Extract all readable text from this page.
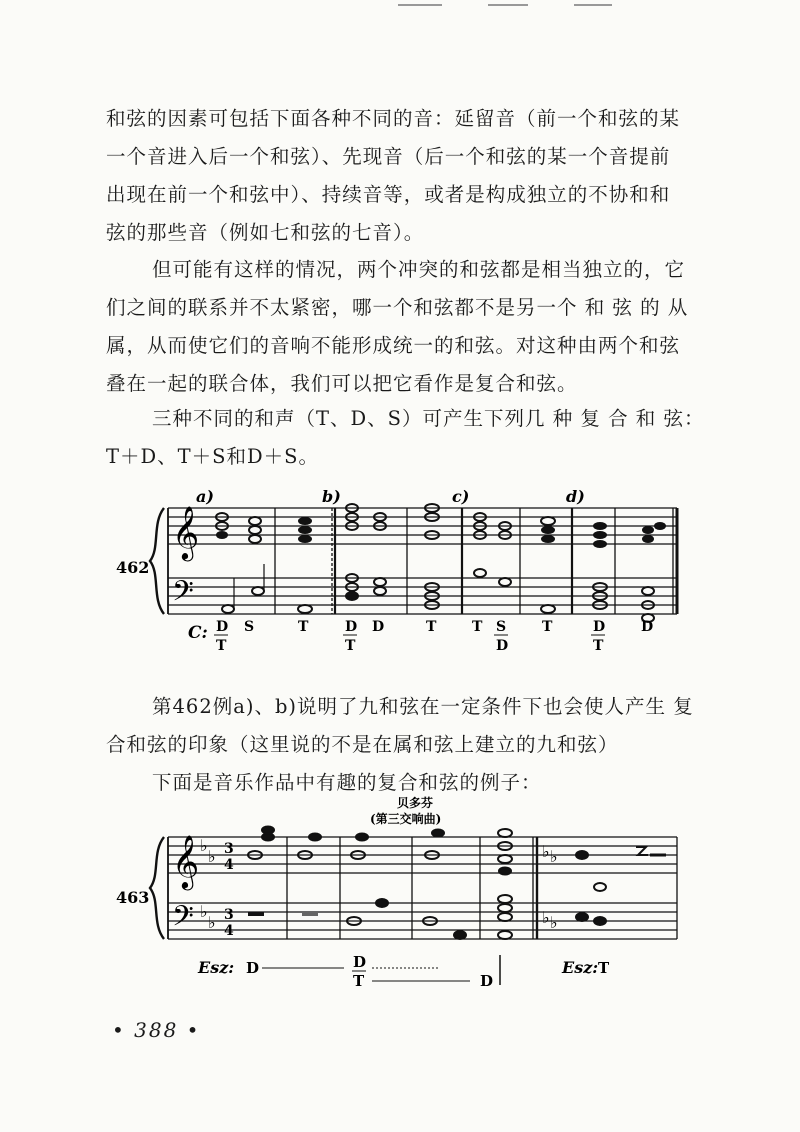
和弦的因素可包括下面各种不同的音：延留音（前一个和弦的某
一个音进入后一个和弦）、先现音（后一个和弦的某一个音提前
出现在前一个和弦中）、持续音等，或者是构成独立的不协和和
弦的那些音（例如七和弦的七音）。
但可能有这样的情况，两个冲突的和弦都是相当独立的，它
们之间的联系并不太紧密，哪一个和弦都不是另一个 和 弦 的 从
属，从而使它们的音响不能形成统一的和弦。对这种由两个和弦
叠在一起的联合体，我们可以把它看作是复合和弦。
三种不同的和声（T、D、S）可产生下列几 种 复 合 和 弦：
T＋D、T＋S和D＋S。
𝄞
𝄢
a)	b)	c)	d)
462
C: D S	T	D D	T	T S	T	D	D
T	T	D	T
第462例a)、b)说明了九和弦在一定条件下也会使人产生 复
合和弦的印象（这里说的不是在属和弦上建立的九和弦）
下面是音乐作品中有趣的复合和弦的例子：
贝多芬
(第三交响曲)
𝄞
𝄢
♭
♭
♭
♭
♭ ♭
♭ ♭
3
4
3
4
463
Esz:	Esz:
D	D
T	D
T
• 388 •
